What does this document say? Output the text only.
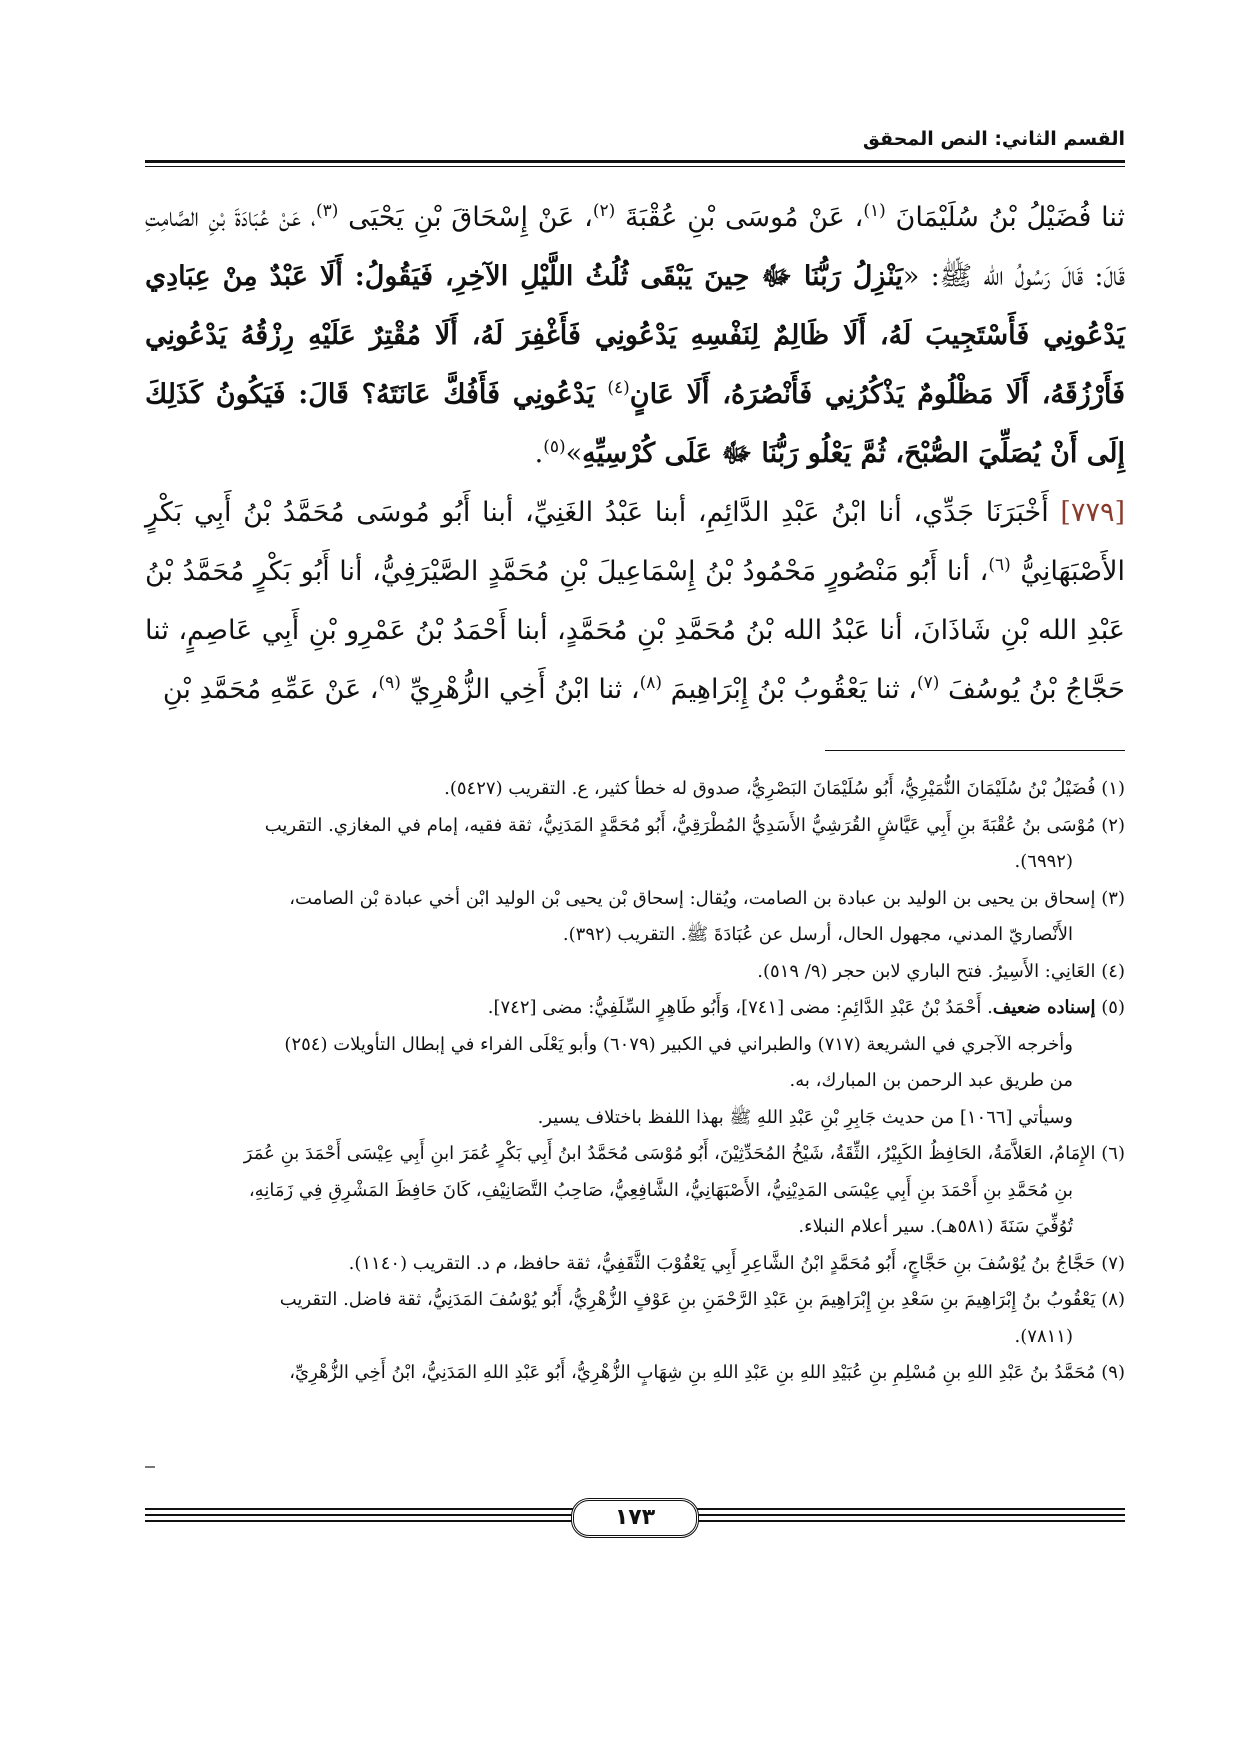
القسم الثاني: النص المحقق

ثنا فُضَيْلُ بْنُ سُلَيْمَانَ $^{(١)}$، عَنْ مُوسَى بْنِ عُقْبَةَ $^{(٢)}$، عَنْ إِسْحَاقَ بْنِ يَحْيَى $^{(٣)}$، عَنْ عُبَادَةَ بْنِ الصَّامِتِ قَالَ: قَالَ رَسُولُ الله ﷺ: «يَنْزِلُ رَبُّنَا ﷻ حِينَ يَبْقَى ثُلُثُ اللَّيْلِ الآخِرِ، فَيَقُولُ: أَلَا عَبْدٌ مِنْ عِبَادِي يَدْعُونِي فَأَسْتَجِيبَ لَهُ، أَلَا ظَالِمٌ لِنَفْسِهِ يَدْعُونِي فَأَغْفِرَ لَهُ، أَلَا مُقْتِرٌ عَلَيْهِ رِزْقُهُ يَدْعُونِي فَأَرْزُقَهُ، أَلَا مَظْلُومٌ يَذْكُرُنِي فَأَنْصُرَهُ، أَلَا عَانٍ$^{(٤)}$ يَدْعُونِي فَأَفُكَّ عَانَتَهُ؟ قَالَ: فَيَكُونُ كَذَلِكَ إِلَى أَنْ يُصَلِّيَ الصُّبْحَ، ثُمَّ يَعْلُو رَبُّنَا ﷻ عَلَى كُرْسِيِّهِ»$^{(٥)}$.

[٧٧٩] أَخْبَرَنَا جَدِّي، أنا ابْنُ عَبْدِ الدَّائِمِ، أبنا عَبْدُ الغَنِيِّ، أبنا أَبُو مُوسَى مُحَمَّدُ بْنُ أَبِي بَكْرٍ الأَصْبَهَانِيُّ $^{(٦)}$، أنا أَبُو مَنْصُورٍ مَحْمُودُ بْنُ إِسْمَاعِيلَ بْنِ مُحَمَّدٍ الصَّيْرَفِيُّ، أنا أَبُو بَكْرٍ مُحَمَّدُ بْنُ عَبْدِ الله بْنِ شَاذَانَ، أنا عَبْدُ الله بْنُ مُحَمَّدِ بْنِ مُحَمَّدٍ، أبنا أَحْمَدُ بْنُ عَمْرِو بْنِ أَبِي عَاصِمٍ، ثنا حَجَّاجُ بْنُ يُوسُفَ $^{(٧)}$، ثنا يَعْقُوبُ بْنُ إِبْرَاهِيمَ $^{(٨)}$، ثنا ابْنُ أَخِي الزُّهْرِيِّ $^{(٩)}$، عَنْ عَمِّهِ مُحَمَّدِ بْنِ

(١) فُضَيْلُ بْنُ سُلَيْمَانَ النُّمَيْرِيُّ، أَبُو سُلَيْمَانَ البَصْرِيُّ، صدوق له خطأ كثير، ع. التقريب (٥٤٢٧).

(٢) مُوْسَى بنُ عُقْبَةَ بنِ أَبِي عَيَّاشٍ القُرَشِيُّ الأَسَدِيُّ المُطْرَقِيُّ، أَبُو مُحَمَّدٍ المَدَنِيُّ، ثقة فقيه، إمام في المغازي. التقريب

(٦٩٩٢).

(٣) إسحاق بن يحيى بن الوليد بن عبادة بن الصامت، ويُقال: إسحاق بْن يحيى بْن الوليد ابْن أخي عبادة بْن الصامت،

الأَنْصاريّ المدني، مجهول الحال، أرسل عن عُبَادَةَ ﷺ. التقريب (٣٩٢).

(٤) العَانِي: الأَسِيرُ. فتح الباري لابن حجر (٩/ ٥١٩).

(٥) إسناده ضعيف. أَحْمَدُ بْنُ عَبْدِ الدَّائِمِ: مضى [٧٤١]، وَأَبُو طَاهِرٍ السِّلَفِيُّ: مضى [٧٤٢].

وأخرجه الآجري في الشريعة (٧١٧) والطبراني في الكبير (٦٠٧٩) وأبو يَعْلَى الفراء في إبطال التأويلات (٢٥٤)

من طريق عبد الرحمن بن المبارك، به.

وسيأتي [١٠٦٦] من حديث جَابِرِ بْنِ عَبْدِ اللهِ ﷺ بهذا اللفظ باختلاف يسير.

(٦) الإِمَامُ، العَلاَّمَةُ، الحَافِظُ الكَبِيْرُ، الثِّقَةُ، شَيْخُ المُحَدِّثِيْنَ، أَبُو مُوْسَى مُحَمَّدُ ابنُ أَبِي بَكْرٍ عُمَرَ ابنِ أَبِي عِيْسَى أَحْمَدَ بنِ عُمَرَ

بنِ مُحَمَّدِ بنِ أَحْمَدَ بنِ أَبِي عِيْسَى المَدِيْنِيُّ، الأَصْبَهَانِيُّ، الشَّافِعِيُّ، صَاحِبُ التَّصَانِيْفِ، كَانَ حَافِظَ المَشْرِقِ فِي زَمَانِهِ،

تُوُفِّيَ سَنَةَ (٥٨١هـ). سير أعلام النبلاء.

(٧) حَجَّاجُ بنُ يُوْسُفَ بنِ حَجَّاجٍ، أَبُو مُحَمَّدٍ ابْنُ الشَّاعِرِ أَبِي يَعْقُوْبَ الثَّقَفِيُّ، ثقة حافظ، م د. التقريب (١١٤٠).

(٨) يَعْقُوبُ بنُ إِبْرَاهِيمَ بنِ سَعْدِ بنِ إِبْرَاهِيمَ بنِ عَبْدِ الرَّحْمَنِ بنِ عَوْفٍ الزُّهْرِيُّ، أَبُو يُوْسُفَ المَدَنِيُّ، ثقة فاضل. التقريب

(٧٨١١).

(٩) مُحَمَّدُ بنُ عَبْدِ اللهِ بنِ مُسْلِمِ بنِ عُبَيْدِ اللهِ بنِ عَبْدِ اللهِ بنِ شِهَابٍ الزُّهْرِيُّ، أَبُو عَبْدِ اللهِ المَدَنِيُّ، ابْنُ أَخِي الزُّهْرِيِّ،

١٧٣
